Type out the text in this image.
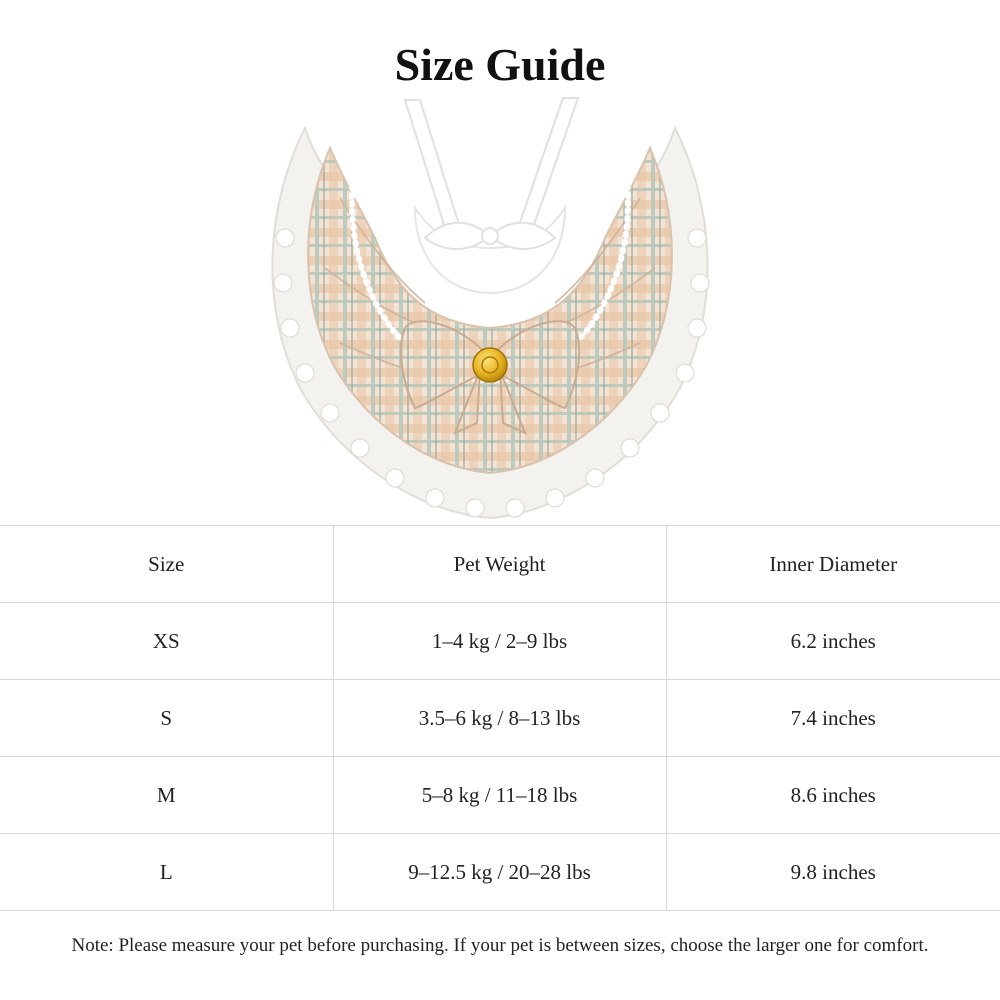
Size Guide
Size	Pet Weight	Inner Diameter
XS	1–4 kg / 2–9 lbs	6.2 inches
S	3.5–6 kg / 8–13 lbs	7.4 inches
M	5–8 kg / 11–18 lbs	8.6 inches
L	9–12.5 kg / 20–28 lbs	9.8 inches
Note: Please measure your pet before purchasing. If your pet is between sizes, choose the larger one for comfort.
